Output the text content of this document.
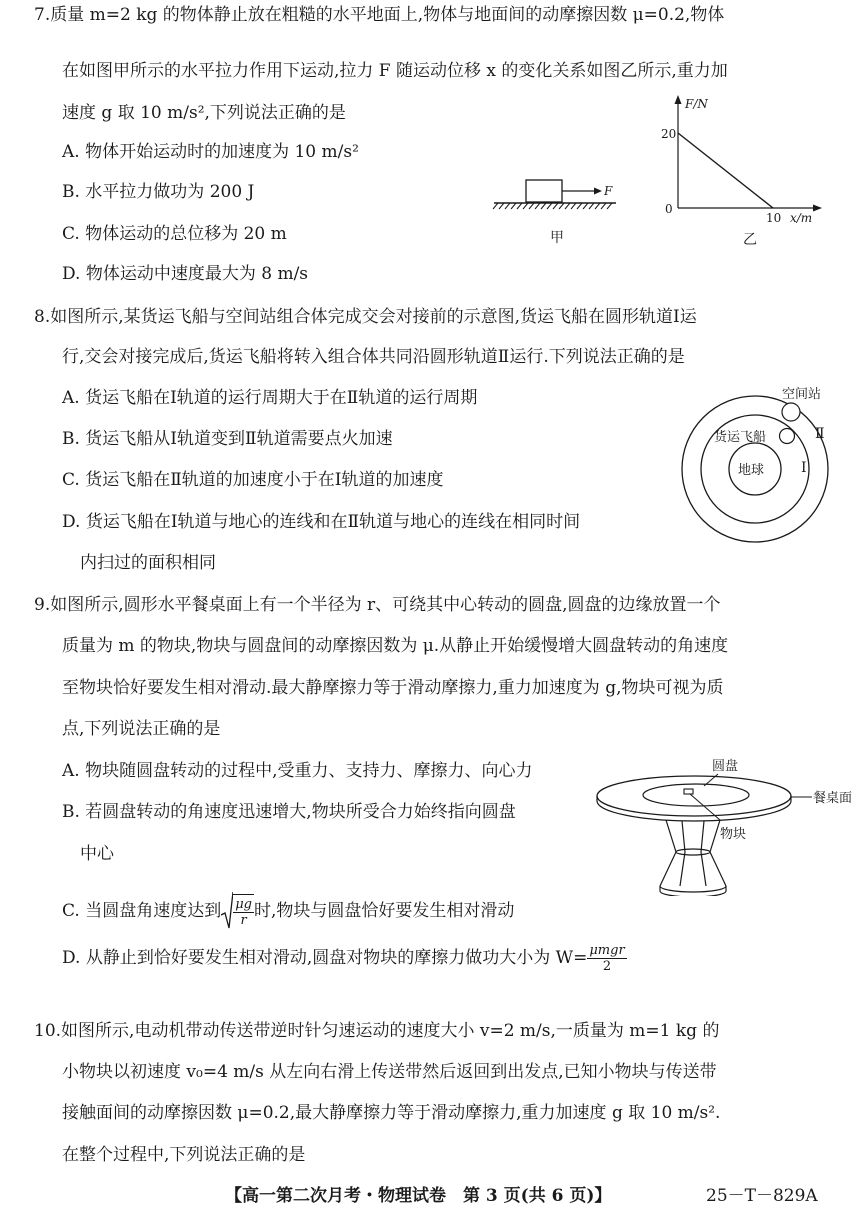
7.质量 m=2 kg 的物体静止放在粗糙的水平地面上,物体与地面间的动摩擦因数 μ=0.2,物体
在如图甲所示的水平拉力作用下运动,拉力 F 随运动位移 x 的变化关系如图乙所示,重力加
速度 g 取 10 m/s²,下列说法正确的是
A. 物体开始运动时的加速度为 10 m/s²
B. 水平拉力做功为 200 J
C. 物体运动的总位移为 20 m
D. 物体运动中速度最大为 8 m/s
F
甲
F/N
20
0
10 x/m
乙
8.如图所示,某货运飞船与空间站组合体完成交会对接前的示意图,货运飞船在圆形轨道Ⅰ运
行,交会对接完成后,货运飞船将转入组合体共同沿圆形轨道Ⅱ运行.下列说法正确的是
A. 货运飞船在Ⅰ轨道的运行周期大于在Ⅱ轨道的运行周期
B. 货运飞船从Ⅰ轨道变到Ⅱ轨道需要点火加速
C. 货运飞船在Ⅱ轨道的加速度小于在Ⅰ轨道的加速度
D. 货运飞船在Ⅰ轨道与地心的连线和在Ⅱ轨道与地心的连线在相同时间
内扫过的面积相同
地球
空间站
货运飞船	Ⅱ
Ⅰ
9.如图所示,圆形水平餐桌面上有一个半径为 r、可绕其中心转动的圆盘,圆盘的边缘放置一个
质量为 m 的物块,物块与圆盘间的动摩擦因数为 μ.从静止开始缓慢增大圆盘转动的角速度
至物块恰好要发生相对滑动.最大静摩擦力等于滑动摩擦力,重力加速度为 g,物块可视为质
点,下列说法正确的是
A. 物块随圆盘转动的过程中,受重力、支持力、摩擦力、向心力
B. 若圆盘转动的角速度迅速增大,物块所受合力始终指向圆盘
中心
C. 当圆盘角速度达到 $\frac{\mu g}{r}$ 时,物块与圆盘恰好要发生相对滑动
D. 从静止到恰好要发生相对滑动,圆盘对物块的摩擦力做功大小为 $W= \frac{\text{μmgr}}{2}$
圆盘
餐桌面
物块
10.如图所示,电动机带动传送带逆时针匀速运动的速度大小 v=2 m/s,一质量为 m=1 kg 的
小物块以初速度 v₀=4 m/s 从左向右滑上传送带然后返回到出发点,已知小物块与传送带
接触面间的动摩擦因数 μ=0.2,最大静摩擦力等于滑动摩擦力,重力加速度 g 取 10 m/s².
在整个过程中,下列说法正确的是
【高一第二次月考・物理试卷　第 3 页(共 6 页)】	25－T－829A
